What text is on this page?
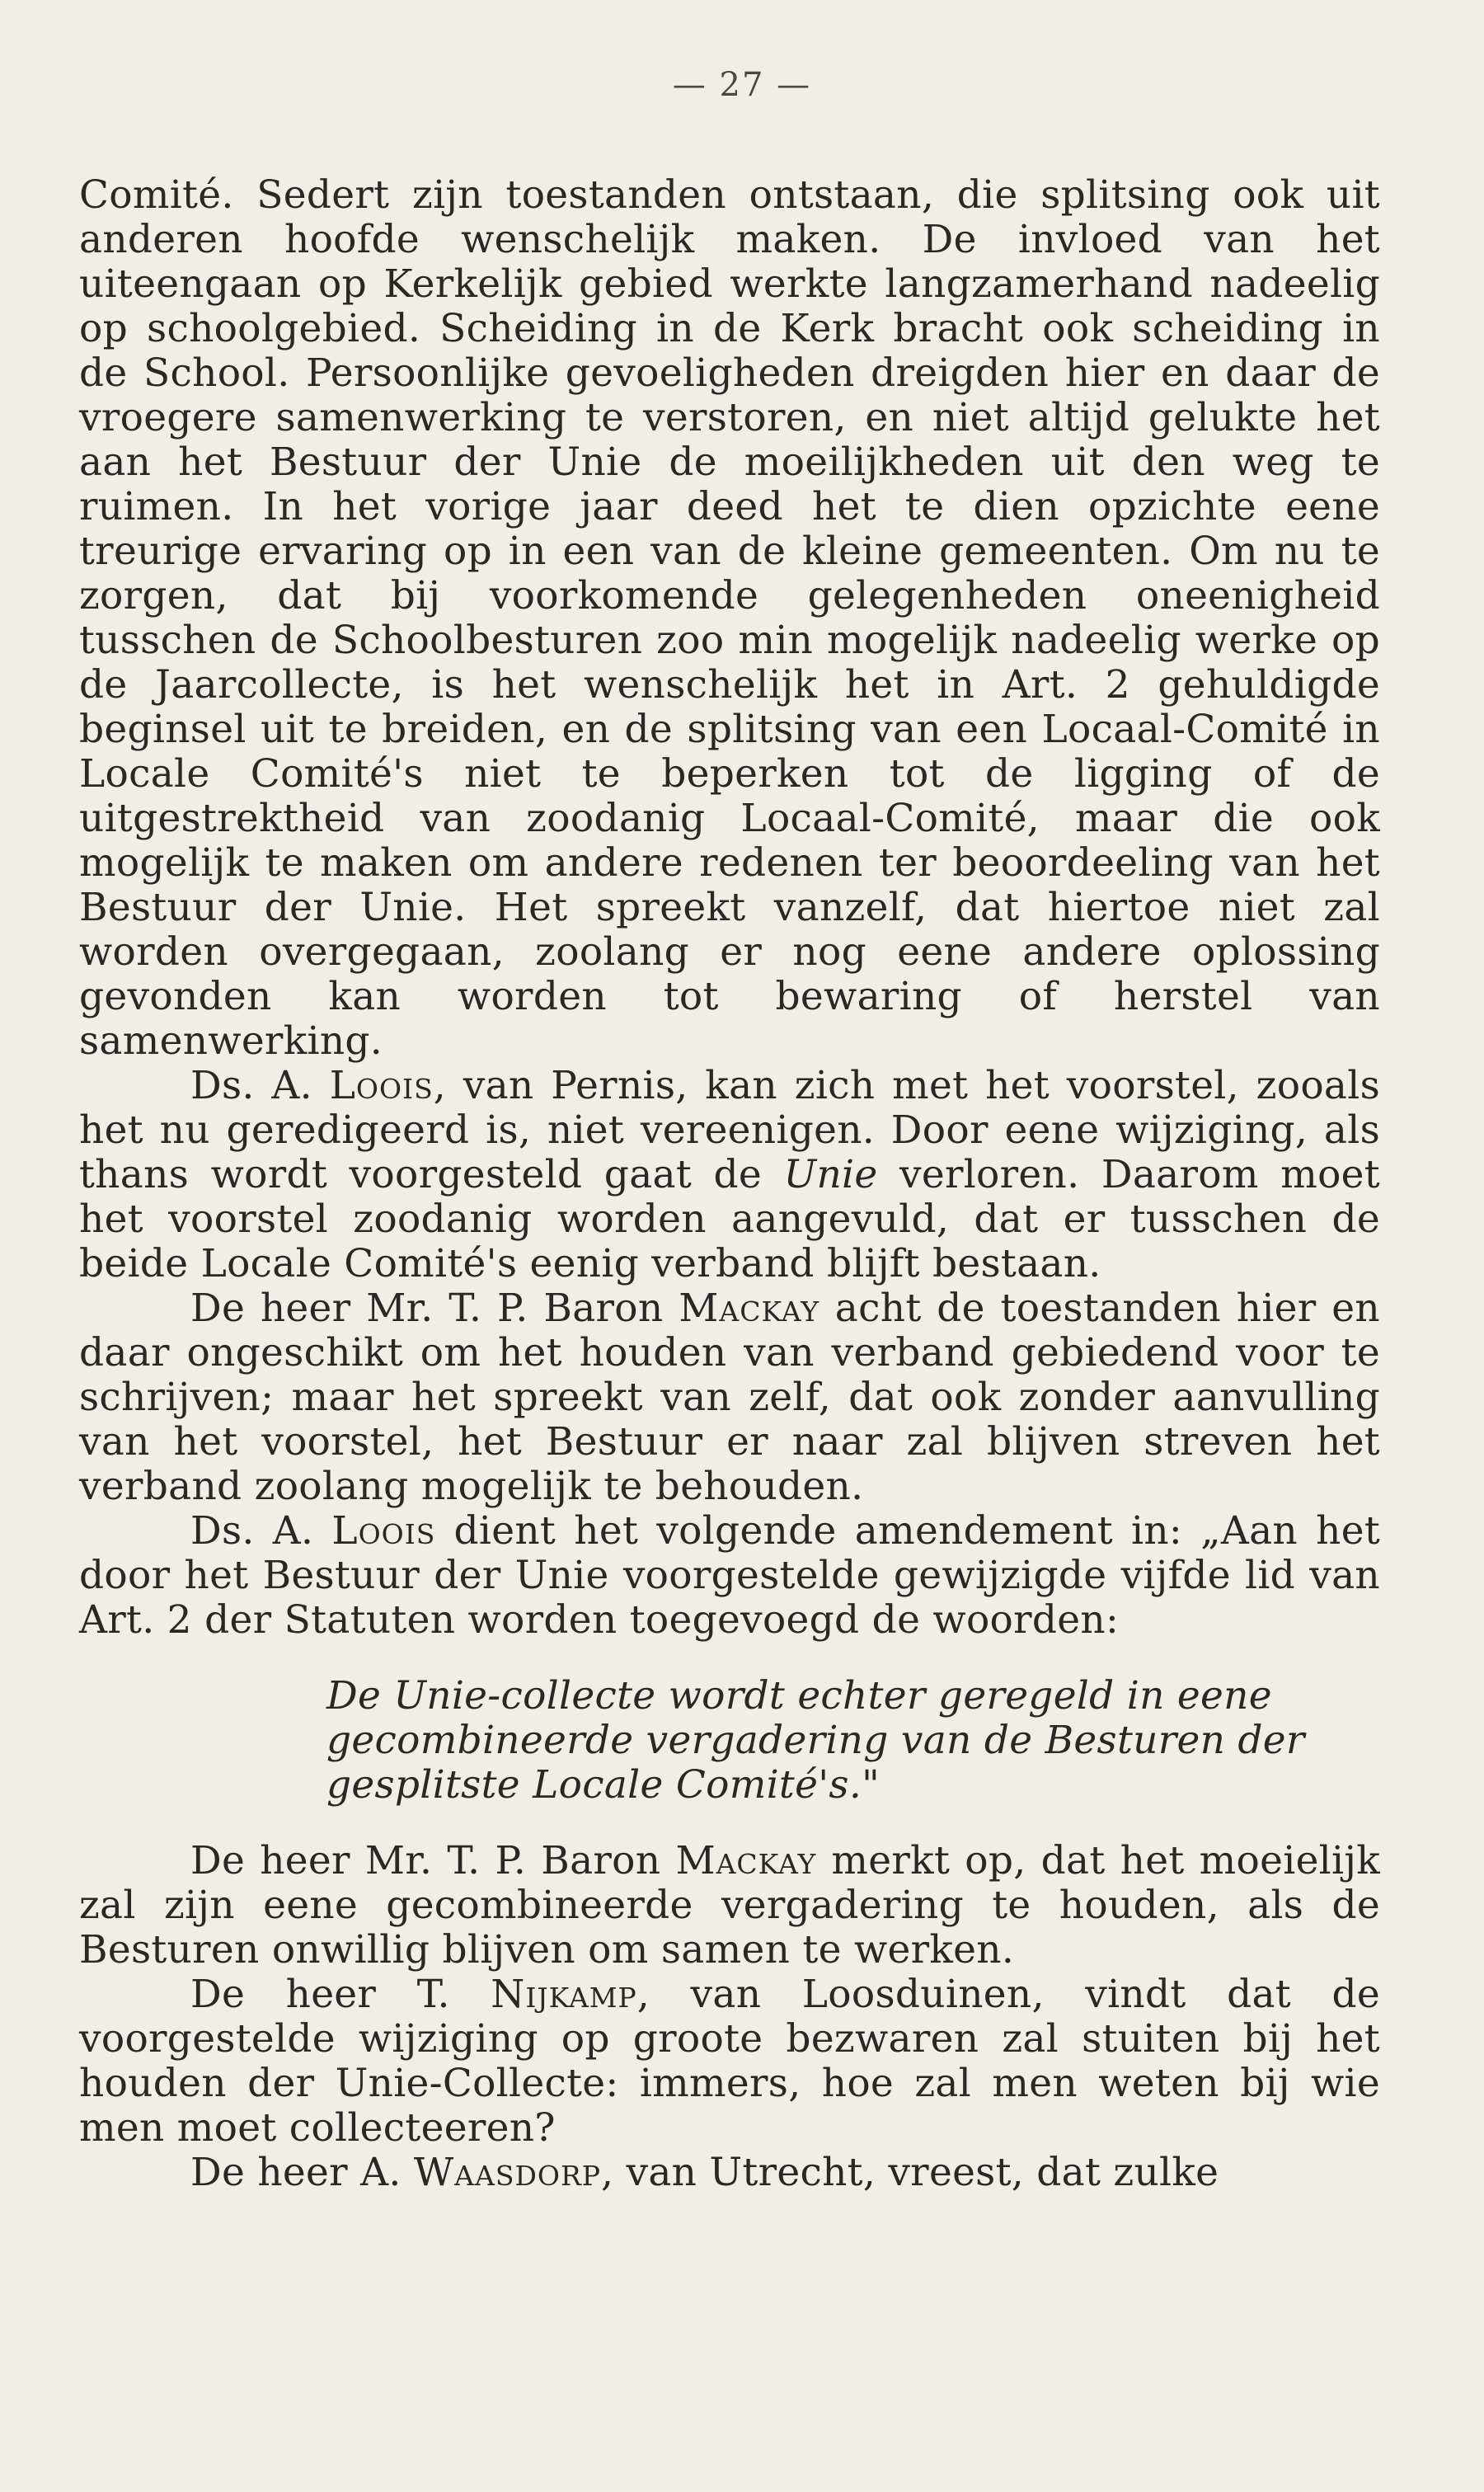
— 27 —

Comité. Sedert zijn toestanden ontstaan, die splitsing ook uit anderen hoofde wenschelijk maken. De invloed van het uiteengaan op Kerkelijk gebied werkte langzamerhand nadeelig op schoolgebied. Scheiding in de Kerk bracht ook scheiding in de School. Persoonlijke gevoeligheden dreigden hier en daar de vroegere samenwerking te verstoren, en niet altijd gelukte het aan het Bestuur der Unie de moeilijkheden uit den weg te ruimen. In het vorige jaar deed het te dien opzichte eene treurige ervaring op in een van de kleine gemeenten. Om nu te zorgen, dat bij voorkomende gelegenheden oneenigheid tusschen de Schoolbesturen zoo min mogelijk nadeelig werke op de Jaarcollecte, is het wenschelijk het in Art. 2 gehuldigde beginsel uit te breiden, en de splitsing van een Locaal-Comité in Locale Comité's niet te beperken tot de ligging of de uitgestrektheid van zoodanig Locaal-Comité, maar die ook mogelijk te maken om andere redenen ter beoordeeling van het Bestuur der Unie. Het spreekt vanzelf, dat hiertoe niet zal worden overgegaan, zoolang er nog eene andere oplossing gevonden kan worden tot bewaring of herstel van samenwerking.

Ds. A. Loois, van Pernis, kan zich met het voorstel, zooals het nu geredigeerd is, niet vereenigen. Door eene wijziging, als thans wordt voorgesteld gaat de Unie verloren. Daarom moet het voorstel zoodanig worden aangevuld, dat er tusschen de beide Locale Comité's eenig verband blijft bestaan.

De heer Mr. T. P. Baron Mackay acht de toestanden hier en daar ongeschikt om het houden van verband gebiedend voor te schrijven; maar het spreekt van zelf, dat ook zonder aanvulling van het voorstel, het Bestuur er naar zal blijven streven het verband zoolang mogelijk te behouden.

Ds. A. Loois dient het volgende amendement in: „Aan het door het Bestuur der Unie voorgestelde gewijzigde vijfde lid van Art. 2 der Statuten worden toegevoegd de woorden:

De Unie-collecte wordt echter geregeld in eene
gecombineerde vergadering van de Besturen der
gesplitste Locale Comité's."

De heer Mr. T. P. Baron Mackay merkt op, dat het moeielijk zal zijn eene gecombineerde vergadering te houden, als de Besturen onwillig blijven om samen te werken.

De heer T. Nijkamp, van Loosduinen, vindt dat de voorgestelde wijziging op groote bezwaren zal stuiten bij het houden der Unie-Collecte: immers, hoe zal men weten bij wie men moet collecteeren?

De heer A. Waasdorp, van Utrecht, vreest, dat zulke
